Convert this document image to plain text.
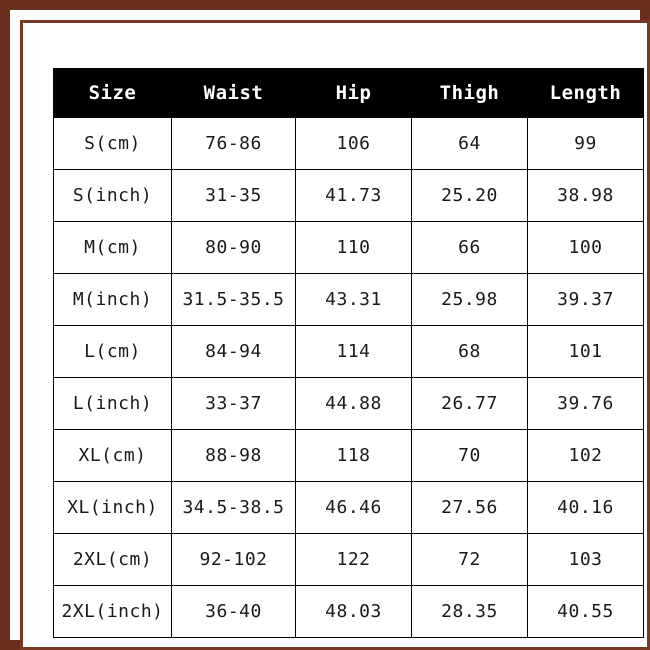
Size	Waist	Hip	Thigh	Length
S(cm)	76-86	106	64	99
S(inch)	31-35	41.73	25.20	38.98
M(cm)	80-90	110	66	100
M(inch)	31.5-35.5	43.31	25.98	39.37
L(cm)	84-94	114	68	101
L(inch)	33-37	44.88	26.77	39.76
XL(cm)	88-98	118	70	102
XL(inch)	34.5-38.5	46.46	27.56	40.16
2XL(cm)	92-102	122	72	103
2XL(inch)	36-40	48.03	28.35	40.55
